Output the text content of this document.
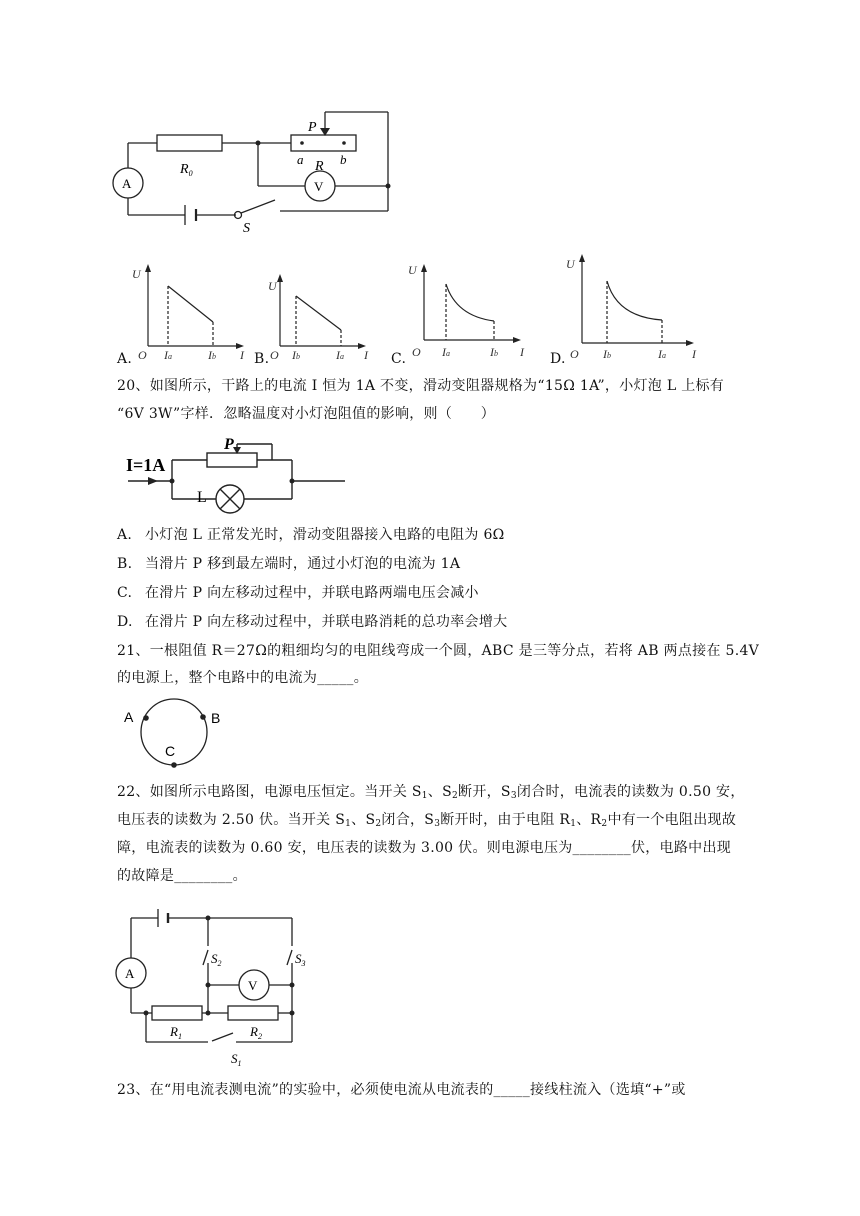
P
a R b
$R_0$
A	V
S
U
O Ia	Ib I
U
O Ib	Ia I
U
O Ia	Ib I
U
O Ib	Ia I
A.	B.	C.	D.
20、如图所示，干路上的电流 I 恒为 1A 不变，滑动变阻器规格为“15Ω 1A”，小灯泡 L 上标有
“6V 3W”字样．忽略温度对小灯泡阻值的影响，则（　　）
I=1A
P
L
A. 小灯泡 L 正常发光时，滑动变阻器接入电路的电阻为 6Ω
B. 当滑片 P 移到最左端时，通过小灯泡的电流为 1A
C. 在滑片 P 向左移动过程中，并联电路两端电压会减小
D. 在滑片 P 向左移动过程中，并联电路消耗的总功率会增大
21、一根阻值 R＝27Ω的粗细均匀的电阻线弯成一个圆，ABC 是三等分点，若将 AB 两点接在 5.4V
的电源上，整个电路中的电流为_____。
A	B
C
22、如图所示电路图，电源电压恒定。当开关 $S_1$、$S_2$断开，$S_3$闭合时，电流表的读数为 0.50 安，
电压表的读数为 2.50 伏。当开关 $S_1$、$S_2$闭合，$S_3$断开时，由于电阻 $R_1$、$R_2$中有一个电阻出现故
障，电流表的读数为 0.60 安，电压表的读数为 3.00 伏。则电源电压为________伏，电路中出现
的故障是________。
A
V
$S_2$	$S_3$
$R_1$	$R_2$
$S_1$
23、在“用电流表测电流”的实验中，必须使电流从电流表的_____接线柱流入（选填“+”或
